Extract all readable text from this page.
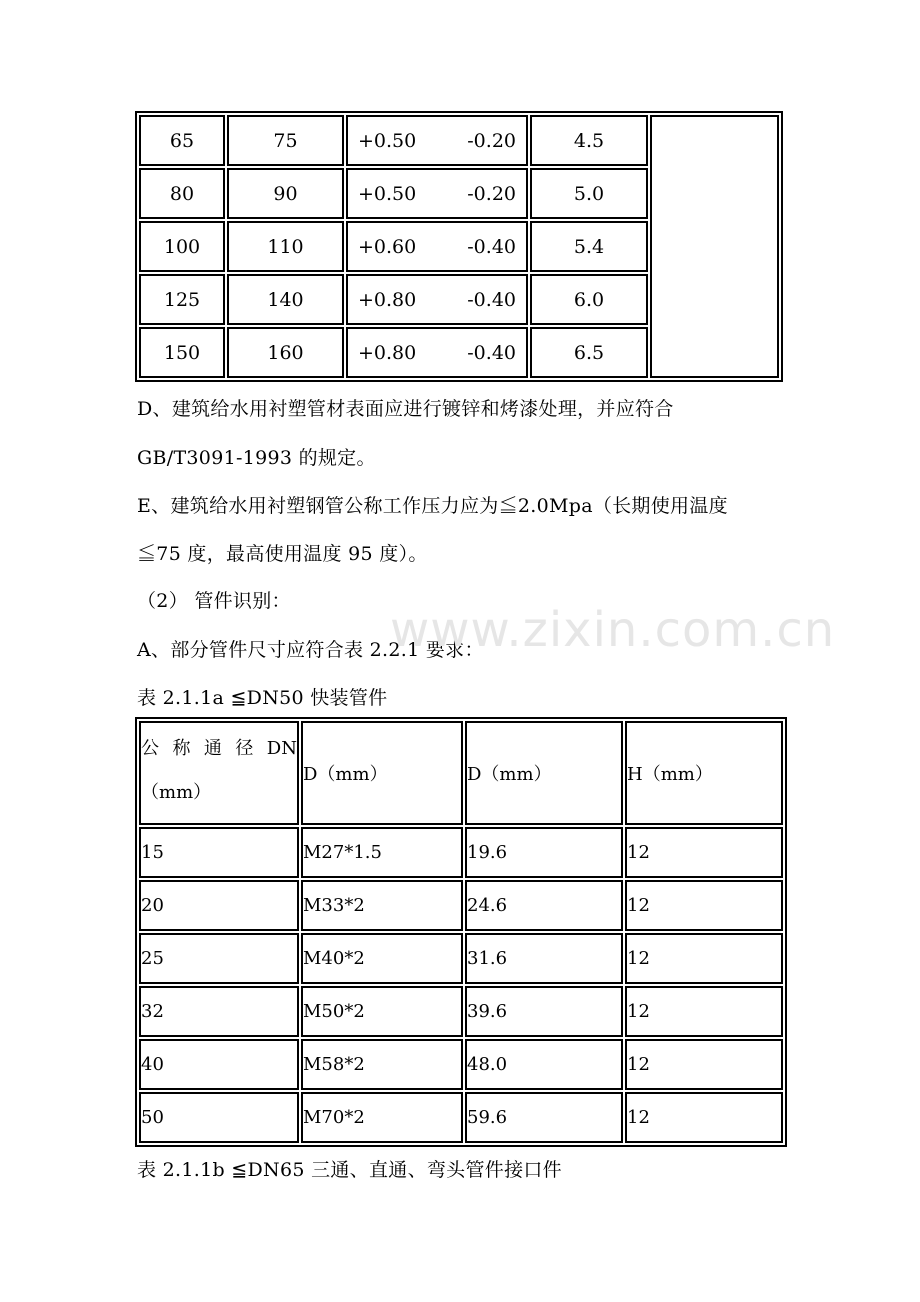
65	75	+0.50 -0.20	4.5	
80	90	+0.50 -0.20	5.0	
100	110	+0.60 -0.40	5.4	
125	140	+0.80 -0.40	6.0	
150	160	+0.80 -0.40	6.5	
D、建筑给水用衬塑管材表面应进行镀锌和烤漆处理，并应符合
GB/T3091-1993 的规定。
E、建筑给水用衬塑钢管公称工作压力应为≦2.0Mpa（长期使用温度
≦75 度，最高使用温度 95 度）。
（2） 管件识别：
A、部分管件尺寸应符合表 2.2.1 要求：
表 2.1.1a ≦DN50 快装管件
www.zixin.com.cn
公 称 通 径 DN（mm）	D（mm）	D（mm）	H（mm）
15	M27*1.5	19.6	12
20	M33*2	24.6	12
25	M40*2	31.6	12
32	M50*2	39.6	12
40	M58*2	48.0	12
50	M70*2	59.6	12
表 2.1.1b ≦DN65 三通、直通、弯头管件接口件
